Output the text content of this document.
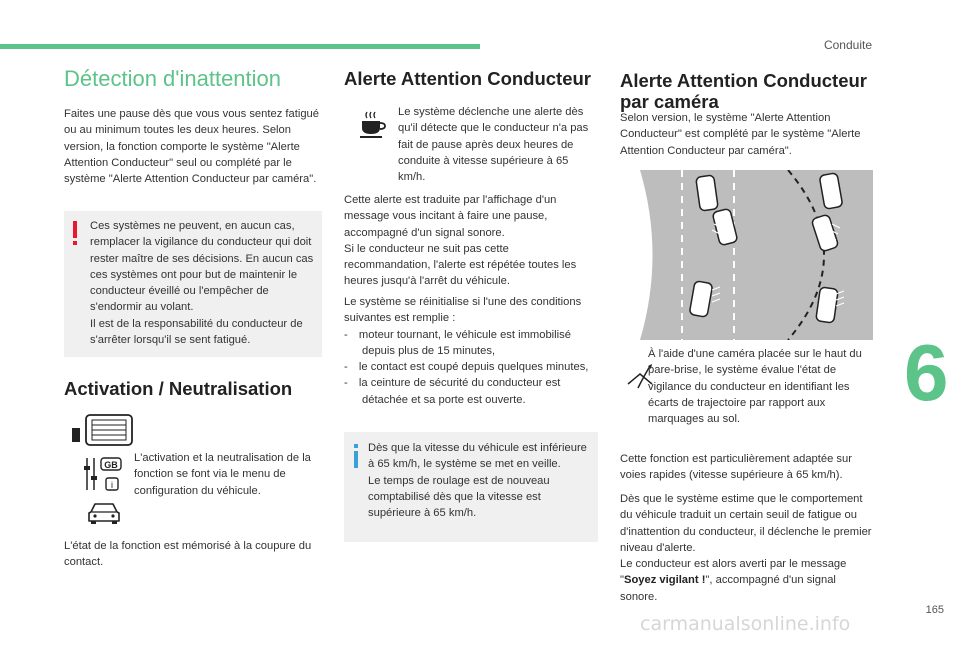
Conduite
6
165
Détection d'inattention
Faites une pause dès que vous vous sentez fatigué ou au minimum toutes les deux heures. Selon version, la fonction comporte le système "Alerte Attention Conducteur" seul ou complété par le système "Alerte Attention Conducteur par caméra".
Ces systèmes ne peuvent, en aucun cas, remplacer la vigilance du conducteur qui doit rester maître de ses décisions. En aucun cas ces systèmes ont pour but de maintenir le conducteur éveillé ou l'empêcher de s'endormir au volant.
Il est de la responsabilité du conducteur de s'arrêter lorsqu'il se sent fatigué.
Activation / Neutralisation
GB
i
L'activation et la neutralisation de la fonction se font via le menu de configuration du véhicule.
L'état de la fonction est mémorisé à la coupure du contact.
Alerte Attention Conducteur
Le système déclenche une alerte dès qu'il détecte que le conducteur n'a pas fait de pause après deux heures de conduite à vitesse supérieure à 65 km/h.
Cette alerte est traduite par l'affichage d'un message vous incitant à faire une pause, accompagné d'un signal sonore.
Si le conducteur ne suit pas cette recommandation, l'alerte est répétée toutes les heures jusqu'à l'arrêt du véhicule.
Le système se réinitialise si l'une des conditions suivantes est remplie :
- moteur tournant, le véhicule est immobilisé depuis plus de 15 minutes,
- le contact est coupé depuis quelques minutes,
- la ceinture de sécurité du conducteur est détachée et sa porte est ouverte.
Dès que la vitesse du véhicule est inférieure à 65 km/h, le système se met en veille.
Le temps de roulage est de nouveau comptabilisé dès que la vitesse est supérieure à 65 km/h.
Alerte Attention Conducteur
par caméra
Selon version, le système "Alerte Attention Conducteur" est complété par le système "Alerte Attention Conducteur par caméra".
À l'aide d'une caméra placée sur le haut du pare-brise, le système évalue l'état de vigilance du conducteur en identifiant les écarts de trajectoire par rapport aux marquages au sol.
Cette fonction est particulièrement adaptée sur voies rapides (vitesse supérieure à 65 km/h).
Dès que le système estime que le comportement du véhicule traduit un certain seuil de fatigue ou d'inattention du conducteur, il déclenche le premier niveau d'alerte.
Le conducteur est alors averti par le message "Soyez vigilant !", accompagné d'un signal sonore.
carmanualsonline.info
